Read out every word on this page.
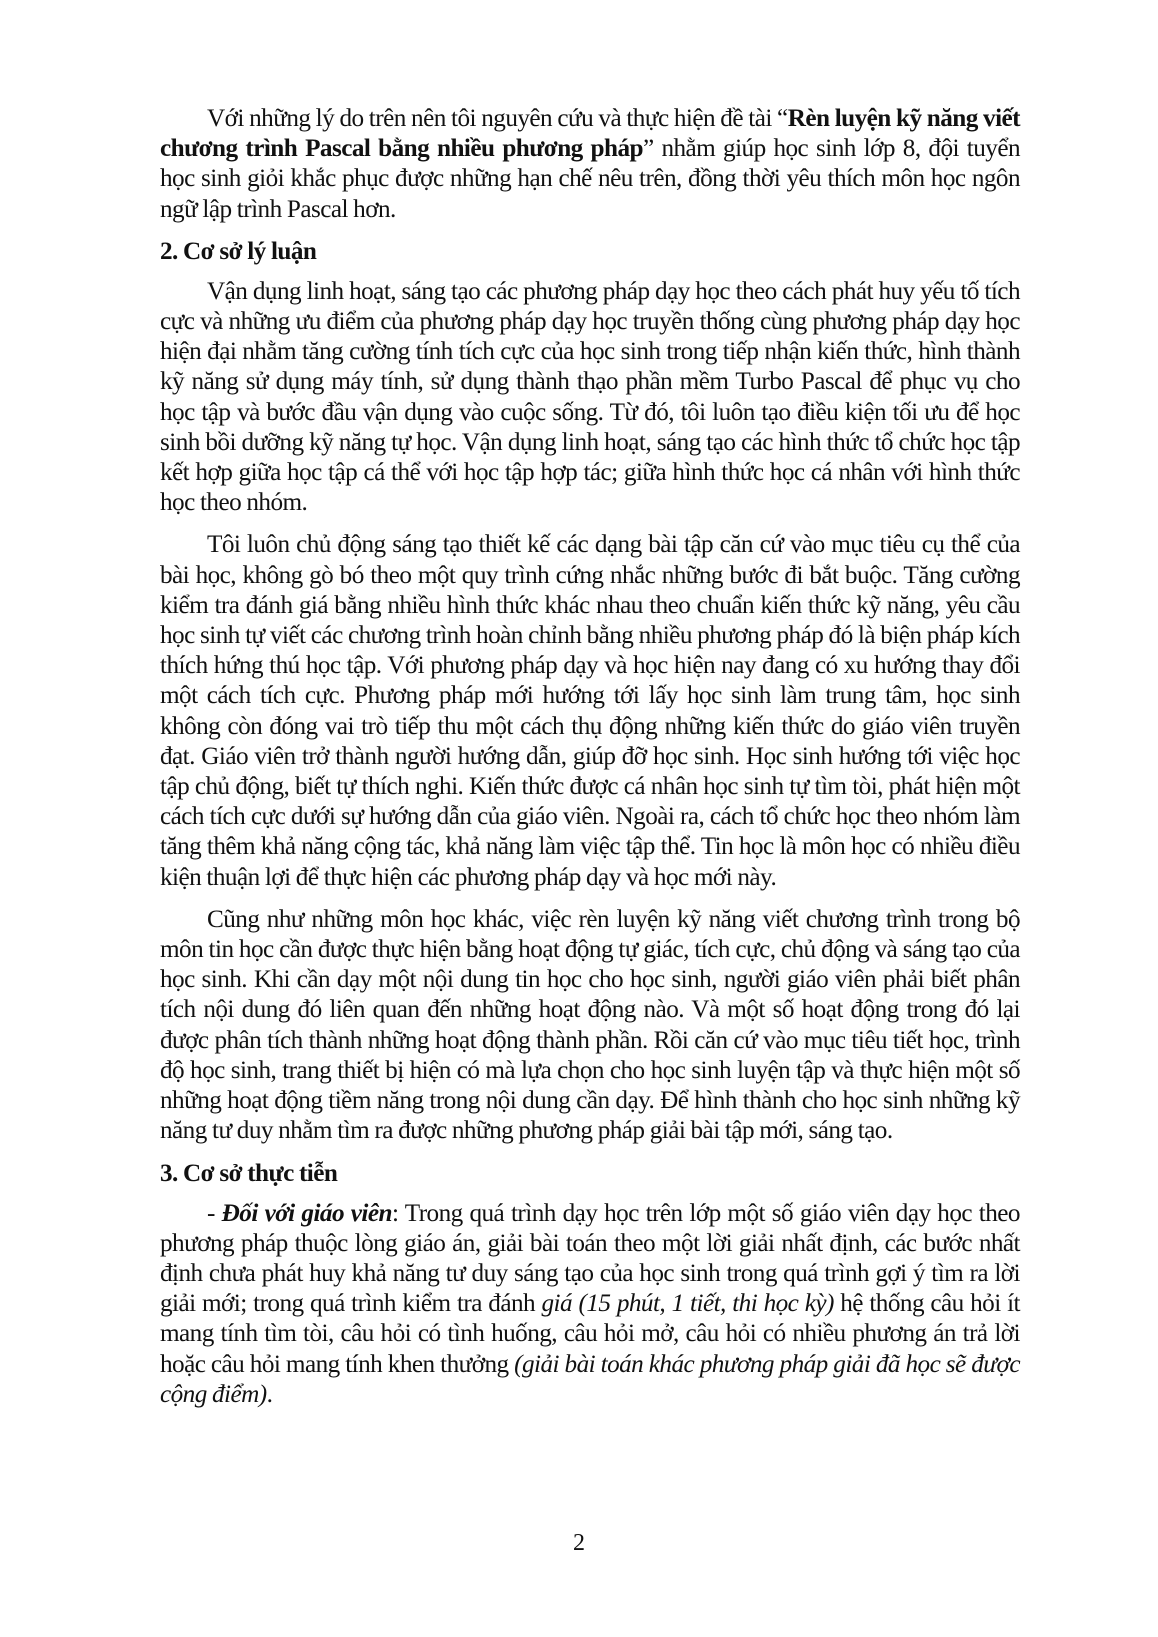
Với những lý do trên nên tôi nguyên cứu và thực hiện đề tài “Rèn luyện kỹ năng viết chương trình Pascal bằng nhiều phương pháp” nhằm giúp học sinh lớp 8, đội tuyển học sinh giỏi khắc phục được những hạn chế nêu trên, đồng thời yêu thích môn học ngôn ngữ lập trình Pascal hơn.

2. Cơ sở lý luận

Vận dụng linh hoạt, sáng tạo các phương pháp dạy học theo cách phát huy yếu tố tích cực và những ưu điểm của phương pháp dạy học truyền thống cùng phương pháp dạy học hiện đại nhằm tăng cường tính tích cực của học sinh trong tiếp nhận kiến thức, hình thành kỹ năng sử dụng máy tính, sử dụng thành thạo phần mềm Turbo Pascal để phục vụ cho học tập và bước đầu vận dụng vào cuộc sống. Từ đó, tôi luôn tạo điều kiện tối ưu để học sinh bồi dưỡng kỹ năng tự học. Vận dụng linh hoạt, sáng tạo các hình thức tổ chức học tập kết hợp giữa học tập cá thể với học tập hợp tác; giữa hình thức học cá nhân với hình thức học theo nhóm.

Tôi luôn chủ động sáng tạo thiết kế các dạng bài tập căn cứ vào mục tiêu cụ thể của bài học, không gò bó theo một quy trình cứng nhắc những bước đi bắt buộc. Tăng cường kiểm tra đánh giá bằng nhiều hình thức khác nhau theo chuẩn kiến thức kỹ năng, yêu cầu học sinh tự viết các chương trình hoàn chỉnh bằng nhiều phương pháp đó là biện pháp kích thích hứng thú học tập. Với phương pháp dạy và học hiện nay đang có xu hướng thay đổi một cách tích cực. Phương pháp mới hướng tới lấy học sinh làm trung tâm, học sinh không còn đóng vai trò tiếp thu một cách thụ động những kiến thức do giáo viên truyền đạt. Giáo viên trở thành người hướng dẫn, giúp đỡ học sinh. Học sinh hướng tới việc học tập chủ động, biết tự thích nghi. Kiến thức được cá nhân học sinh tự tìm tòi, phát hiện một cách tích cực dưới sự hướng dẫn của giáo viên. Ngoài ra, cách tổ chức học theo nhóm làm tăng thêm khả năng cộng tác, khả năng làm việc tập thể. Tin học là môn học có nhiều điều kiện thuận lợi để thực hiện các phương pháp dạy và học mới này.

Cũng như những môn học khác, việc rèn luyện kỹ năng viết chương trình trong bộ môn tin học cần được thực hiện bằng hoạt động tự giác, tích cực, chủ động và sáng tạo của học sinh. Khi cần dạy một nội dung tin học cho học sinh, người giáo viên phải biết phân tích nội dung đó liên quan đến những hoạt động nào. Và một số hoạt động trong đó lại được phân tích thành những hoạt động thành phần. Rồi căn cứ vào mục tiêu tiết học, trình độ học sinh, trang thiết bị hiện có mà lựa chọn cho học sinh luyện tập và thực hiện một số những hoạt động tiềm năng trong nội dung cần dạy. Để hình thành cho học sinh những kỹ năng tư duy nhằm tìm ra được những phương pháp giải bài tập mới, sáng tạo.

3. Cơ sở thực tiễn

- Đối với giáo viên: Trong quá trình dạy học trên lớp một số giáo viên dạy học theo phương pháp thuộc lòng giáo án, giải bài toán theo một lời giải nhất định, các bước nhất định chưa phát huy khả năng tư duy sáng tạo của học sinh trong quá trình gợi ý tìm ra lời giải mới; trong quá trình kiểm tra đánh giá (15 phút, 1 tiết, thi học kỳ) hệ thống câu hỏi ít mang tính tìm tòi, câu hỏi có tình huống, câu hỏi mở, câu hỏi có nhiều phương án trả lời hoặc câu hỏi mang tính khen thưởng (giải bài toán khác phương pháp giải đã học sẽ được cộng điểm).

2
